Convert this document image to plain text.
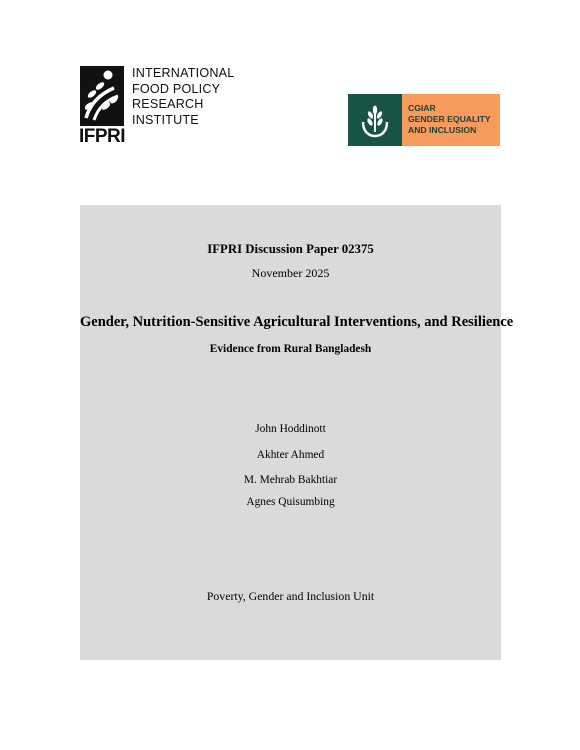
INTERNATIONAL
FOOD POLICY
RESEARCH
INSTITUTE
IFPRI
CGIAR
GENDER EQUALITY
AND INCLUSION
IFPRI Discussion Paper 02375
November 2025
Gender, Nutrition-Sensitive Agricultural Interventions, and Resilience
Evidence from Rural Bangladesh
John Hoddinott
Akhter Ahmed
M. Mehrab Bakhtiar
Agnes Quisumbing
Poverty, Gender and Inclusion Unit
